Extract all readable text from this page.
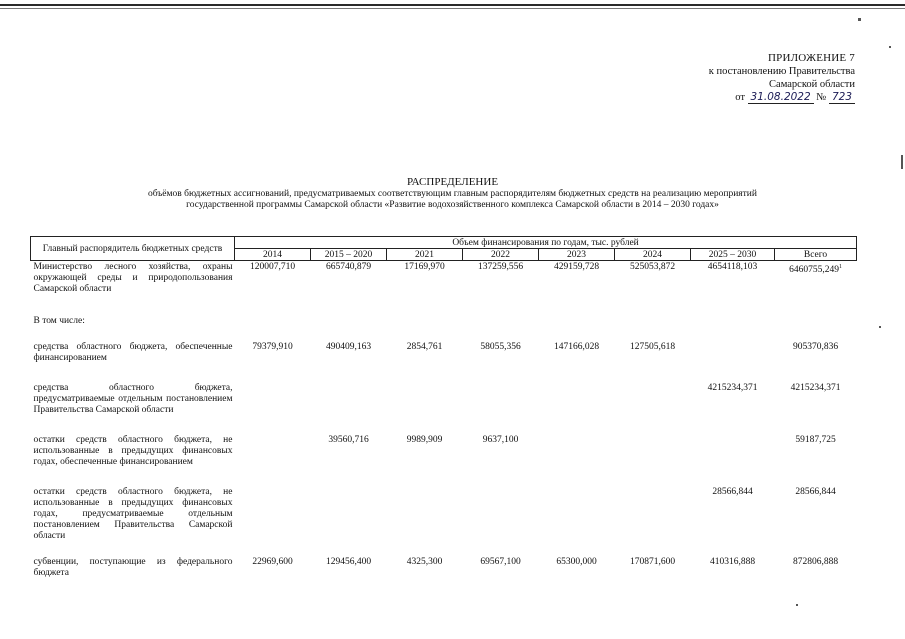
ПРИЛОЖЕНИЕ 7
к постановлению Правительства
Самарской области
от 31.08.2022 № 723
РАСПРЕДЕЛЕНИЕ
объёмов бюджетных ассигнований, предусматриваемых соответствующим главным распорядителям бюджетных средств на реализацию мероприятий
государственной программы Самарской области «Развитие водохозяйственного комплекса Самарской области в 2014 – 2030 годах»
Главный распорядитель бюджетных средств	Объем финансирования по годам, тыс. рублей							
	2014	2015 – 2020	2021	2022	2023	2024	2025 – 2030	Всего
Министерство лесного хозяйства, охраны окружающей среды и природопользования Самарской области	120007,710	665740,879	17169,970	137259,556	429159,728	525053,872	4654118,103	6460755,249$^1$
В том числе:								
средства областного бюджета, обеспеченные финансированием	79379,910	490409,163	2854,761	58055,356	147166,028	127505,618		905370,836
средства областного бюджета, предусматриваемые отдельным постановлением Правительства Самарской области							4215234,371	4215234,371
остатки средств областного бюджета, не использованные в предыдущих финансовых годах, обеспеченные финансированием		39560,716	9989,909	9637,100				59187,725
остатки средств областного бюджета, не использованные в предыдущих финансовых годах, предусматриваемые отдельным постановлением Правительства Самарской области							28566,844	28566,844
субвенции, поступающие из федерального бюджета	22969,600	129456,400	4325,300	69567,100	65300,000	170871,600	410316,888	872806,888
